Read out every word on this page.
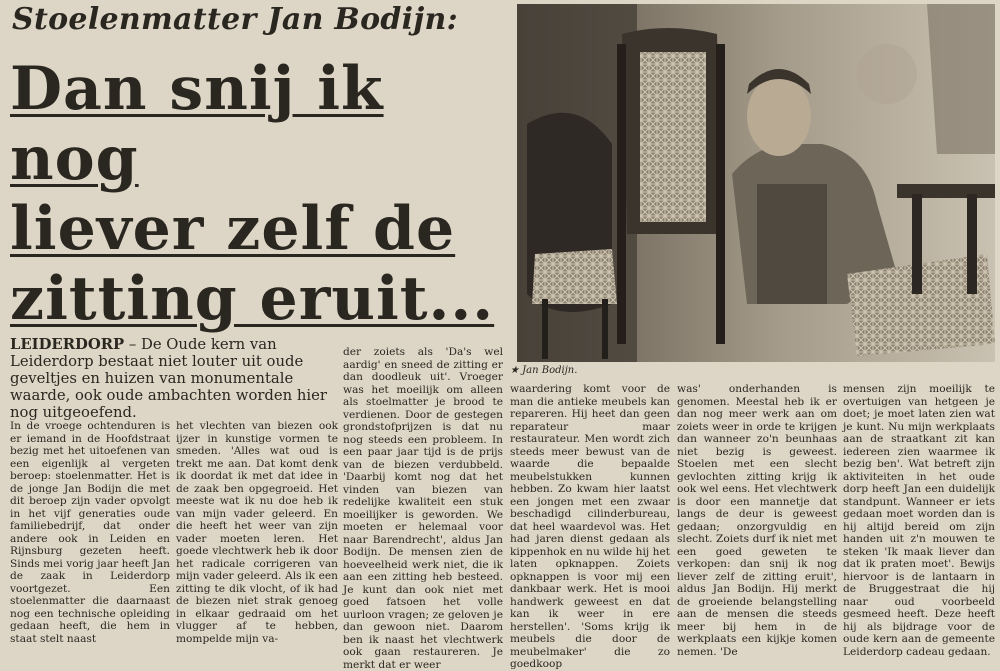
Stoelenmatter Jan Bodijn:
Dan snij ik nog
liever zelf de
zitting eruit...
LEIDERDORP – De Oude kern van Leiderdorp bestaat niet louter uit oude geveltjes en huizen van monumentale waarde, ook oude ambachten worden hier nog uitgeoefend.

In de vroege ochtenduren is er iemand in de Hoofdstraat bezig met het uitoefenen van een eigenlijk al vergeten beroep: stoelenmatter. Het is de jonge Jan Bodijn die met dit beroep zijn vader opvolgt in het vijf generaties oude familiebedrijf, dat onder andere ook in Leiden en Rijnsburg gezeten heeft. Sinds mei vorig jaar heeft Jan de zaak in Leiderdorp voortgezet. Een stoelenmatter die daarnaast nog een technische opleiding gedaan heeft, die hem in staat stelt naast

het vlechten van biezen ook ijzer in kunstige vormen te smeden. 'Alles wat oud is trekt me aan. Dat komt denk ik doordat ik met dat idee in de zaak ben opgegroeid. Het meeste wat ik nu doe heb ik van mijn vader geleerd. En die heeft het weer van zijn vader moeten leren. Het goede vlechtwerk heb ik door het radicale corrigeren van mijn vader geleerd. Als ik een zitting te dik vlocht, of ik had de biezen niet strak genoeg in elkaar gedraaid om het vlugger af te hebben, mompelde mijn va-

der zoiets als 'Da's wel aardig' en sneed de zitting er dan doodleuk uit'. Vroeger was het moeilijk om alleen als stoelmatter je brood te verdienen. Door de gestegen grondstofprijzen is dat nu nog steeds een probleem. In een paar jaar tijd is de prijs van de biezen verdubbeld. 'Daarbij komt nog dat het vinden van biezen van redelijke kwaliteit een stuk moeilijker is geworden. We moeten er helemaal voor naar Barendrecht', aldus Jan Bodijn. De mensen zien de hoeveelheid werk niet, die ik aan een zitting heb besteed. Je kunt dan ook niet met goed fatsoen het volle uurloon vragen; ze geloven je dan gewoon niet. Daarom ben ik naast het vlechtwerk ook gaan restaureren. Je merkt dat er weer

waardering komt voor de man die antieke meubels kan repareren. Hij heet dan geen reparateur maar restaurateur. Men wordt zich steeds meer bewust van de waarde die bepaalde meubelstukken kunnen hebben. Zo kwam hier laatst een jongen met een zwaar beschadigd cilinderbureau, dat heel waardevol was. Het had jaren dienst gedaan als kippenhok en nu wilde hij het laten opknappen. Zoiets opknappen is voor mij een dankbaar werk. Het is mooi handwerk geweest en dat kan ik weer in ere herstellen'. 'Soms krijg ik meubels die door de meubelmaker' die zo goedkoop

was' onderhanden is genomen. Meestal heb ik er dan nog meer werk aan om zoiets weer in orde te krijgen dan wanneer zo'n beunhaas niet bezig is geweest. Stoelen met een slecht gevlochten zitting krijg ik ook wel eens. Het vlechtwerk is door een mannetje dat langs de deur is geweest gedaan; onzorgvuldig en slecht. Zoiets durf ik niet met een goed geweten te verkopen: dan snij ik nog liever zelf de zitting eruit', aldus Jan Bodijn. Hij merkt de groeiende belangstelling aan de mensen die steeds meer bij hem in de werkplaats een kijkje komen nemen. 'De

mensen zijn moeilijk te overtuigen van hetgeen je doet; je moet laten zien wat je kunt. Nu mijn werkplaats aan de straatkant zit kan iedereen zien waarmee ik bezig ben'. Wat betreft zijn aktiviteiten in het oude dorp heeft Jan een duidelijk standpunt. Wanneer er iets gedaan moet worden dan is hij altijd bereid om zijn handen uit z'n mouwen te steken 'Ik maak liever dan dat ik praten moet'. Bewijs hiervoor is de lantaarn in de Bruggestraat die hij naar oud voorbeeld gesmeed heeft. Deze heeft hij als bijdrage voor de oude kern aan de gemeente Leiderdorp cadeau gedaan.

★ Jan Bodijn.
